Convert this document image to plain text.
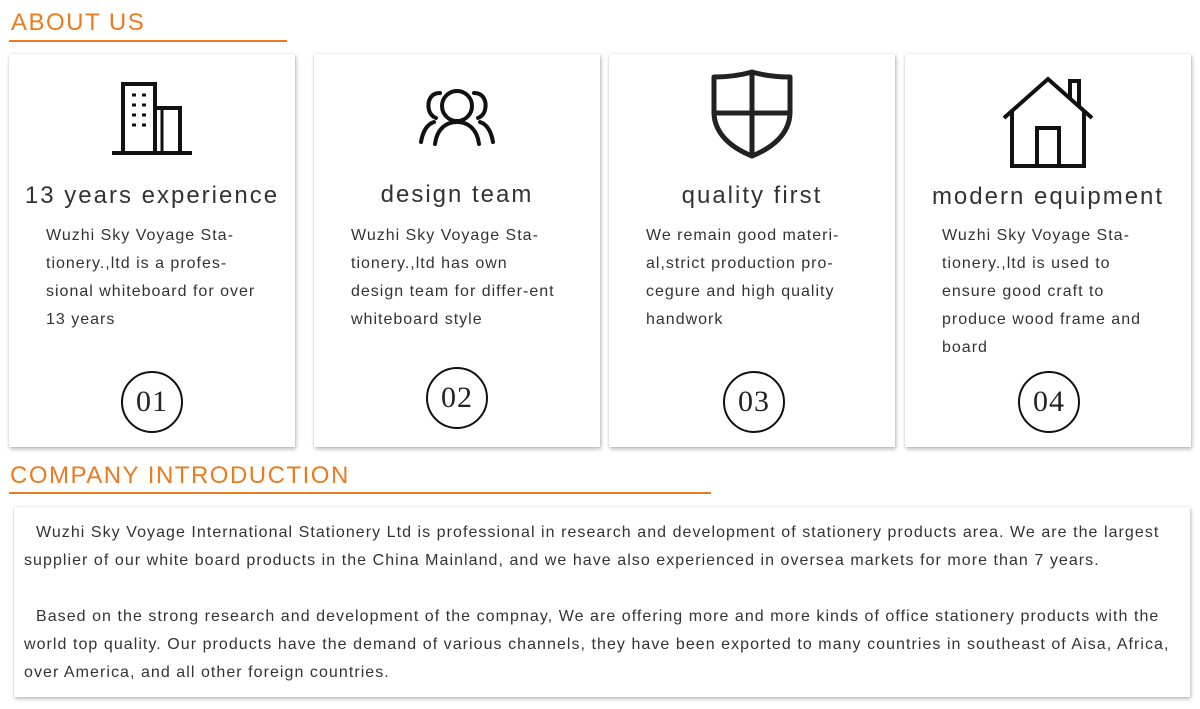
ABOUT US
13 years experience
Wuzhi Sky Voyage Sta-tionery.,ltd is a profes-sional whiteboard for over 13 years
01
design team
Wuzhi Sky Voyage Sta-tionery.,ltd has own design team for differ-ent whiteboard style
02
quality first
We remain good materi-al,strict production pro-cegure and high quality handwork
03
modern equipment
Wuzhi Sky Voyage Sta-tionery.,ltd is used to ensure good craft to produce wood frame and board
04
COMPANY INTRODUCTION

Wuzhi Sky Voyage International Stationery Ltd is professional in research and development of stationery products area. We are the largest supplier of our white board products in the China Mainland, and we have also experienced in oversea markets for more than 7 years.

Based on the strong research and development of the compnay, We are offering more and more kinds of office stationery products with the world top quality. Our products have the demand of various channels, they have been exported to many countries in southeast of Aisa, Africa, over America, and all other foreign countries.
